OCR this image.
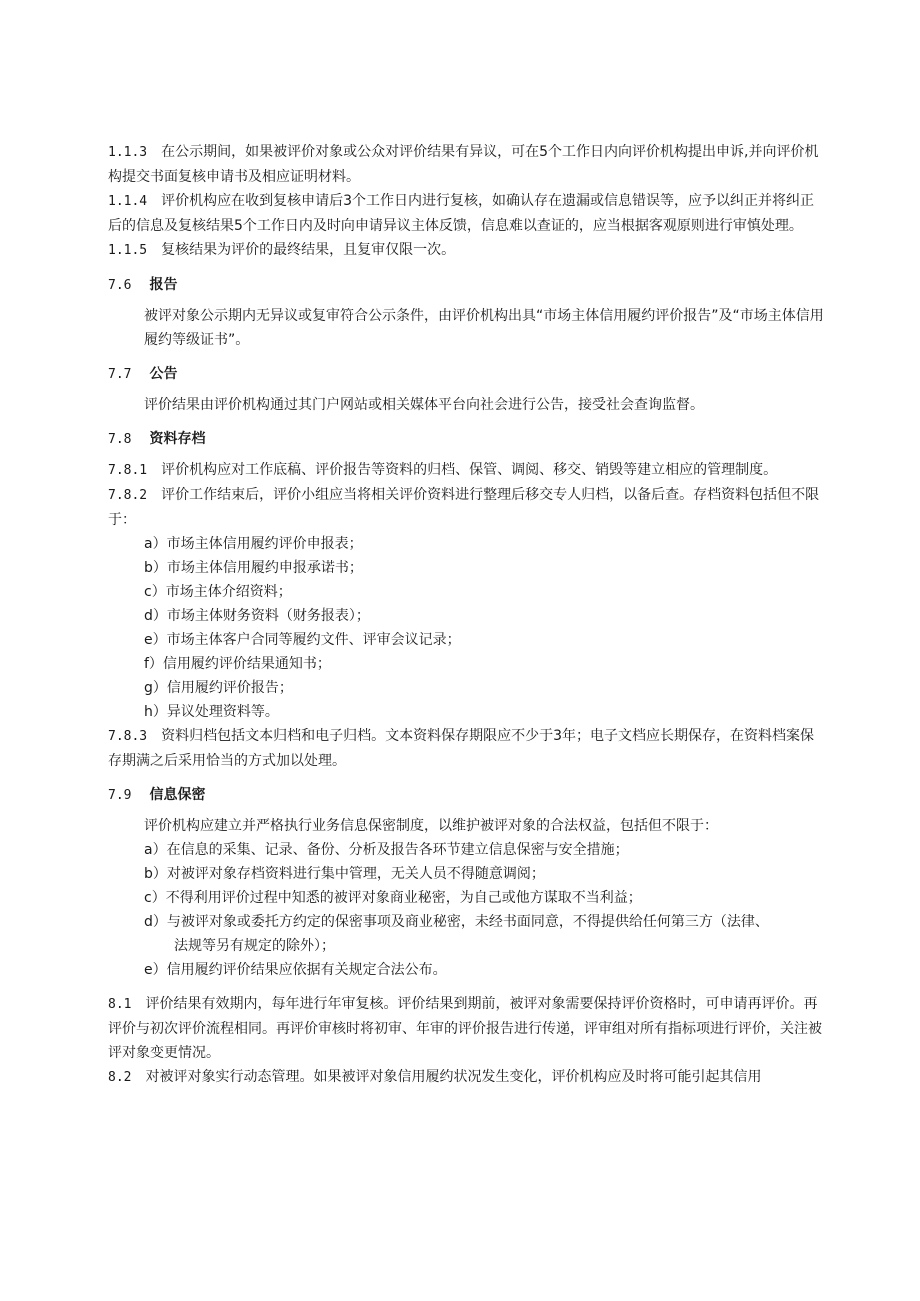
1.1.3 在公示期间，如果被评价对象或公众对评价结果有异议，可在5个工作日内向评价机构提出申诉,并向评价机构提交书面复核申请书及相应证明材料。

1.1.4 评价机构应在收到复核申请后3个工作日内进行复核，如确认存在遗漏或信息错误等，应予以纠正并将纠正后的信息及复核结果5个工作日内及时向申请异议主体反馈，信息难以查证的，应当根据客观原则进行审慎处理。

1.1.5 复核结果为评价的最终结果，且复审仅限一次。

7.6 报告

被评对象公示期内无异议或复审符合公示条件，由评价机构出具“市场主体信用履约评价报告”及“市场主体信用履约等级证书”。

7.7 公告

评价结果由评价机构通过其门户网站或相关媒体平台向社会进行公告，接受社会查询监督。

7.8 资料存档

7.8.1 评价机构应对工作底稿、评价报告等资料的归档、保管、调阅、移交、销毁等建立相应的管理制度。

7.8.2 评价工作结束后，评价小组应当将相关评价资料进行整理后移交专人归档，以备后查。存档资料包括但不限于：

a）市场主体信用履约评价申报表；
b）市场主体信用履约申报承诺书；
c）市场主体介绍资料；
d）市场主体财务资料（财务报表）；
e）市场主体客户合同等履约文件、评审会议记录；
f）信用履约评价结果通知书；
g）信用履约评价报告；
h）异议处理资料等。

7.8.3 资料归档包括文本归档和电子归档。文本资料保存期限应不少于3年；电子文档应长期保存，在资料档案保存期满之后采用恰当的方式加以处理。

7.9 信息保密

评价机构应建立并严格执行业务信息保密制度，以维护被评对象的合法权益，包括但不限于：

a）在信息的采集、记录、备份、分析及报告各环节建立信息保密与安全措施；
b）对被评对象存档资料进行集中管理，无关人员不得随意调阅；
c）不得利用评价过程中知悉的被评对象商业秘密，为自己或他方谋取不当利益；
d）与被评对象或委托方约定的保密事项及商业秘密，未经书面同意，不得提供给任何第三方（法律、
法规等另有规定的除外）；
e）信用履约评价结果应依据有关规定合法公布。

8.1 评价结果有效期内，每年进行年审复核。评价结果到期前，被评对象需要保持评价资格时，可申请再评价。再评价与初次评价流程相同。再评价审核时将初审、年审的评价报告进行传递，评审组对所有指标项进行评价，关注被评对象变更情况。

8.2 对被评对象实行动态管理。如果被评对象信用履约状况发生变化，评价机构应及时将可能引起其信用
